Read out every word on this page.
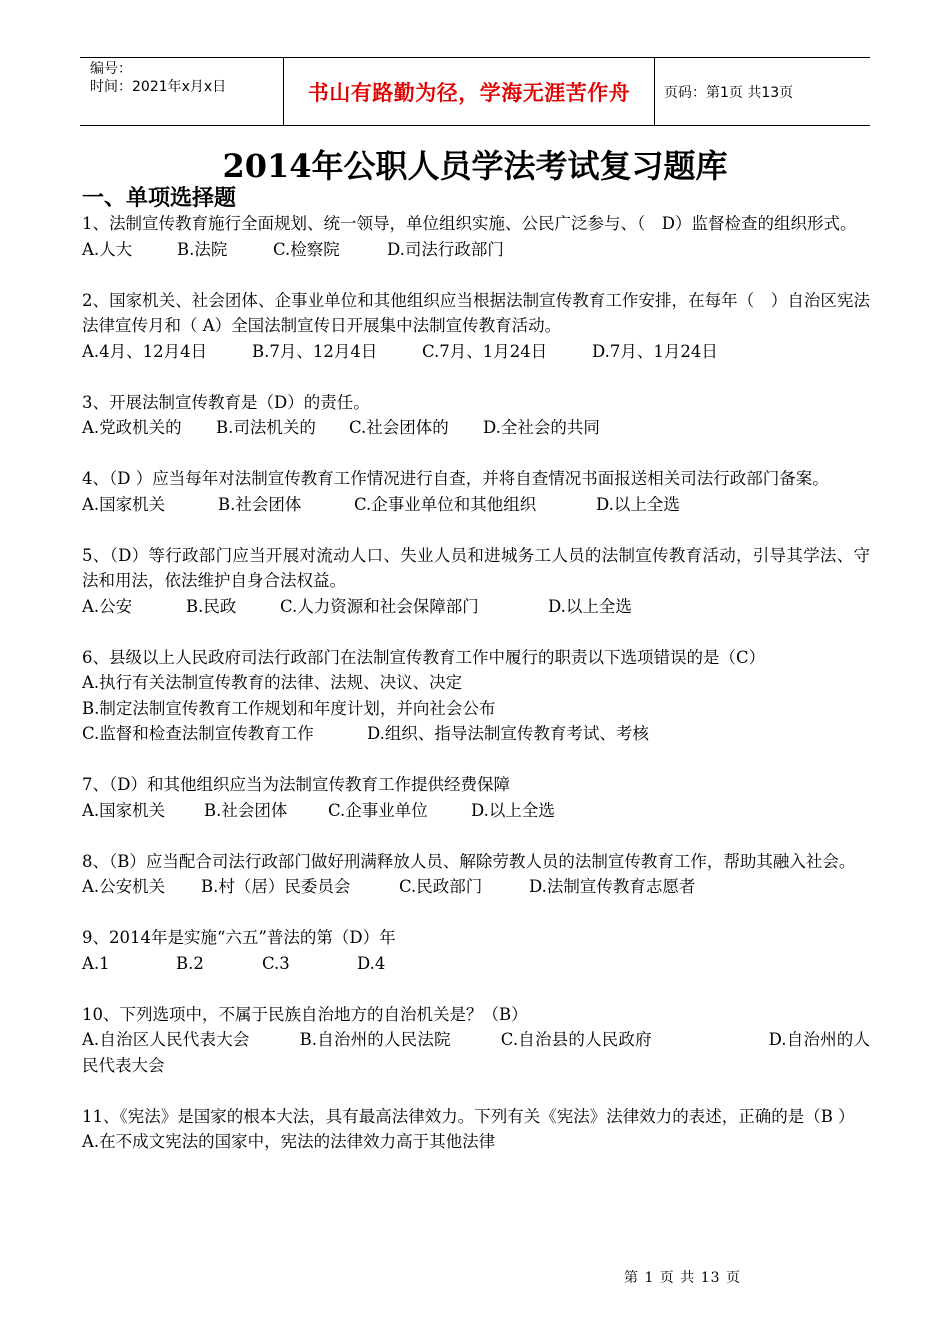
编号：
时间：2021年x月x日	书山有路勤为径，学海无涯苦作舟	页码：第1页 共13页
2014年公职人员学法考试复习题库
一、单项选择题

1、法制宣传教育施行全面规划、统一领导，单位组织实施、公民广泛参与、（　D）监督检查的组织形式。

A.人大	B.法院	C.检察院	D.司法行政部门

2、国家机关、社会团体、企事业单位和其他组织应当根据法制宣传教育工作安排，在每年（　）自治区宪法法律宣传月和（ A）全国法制宣传日开展集中法制宣传教育活动。

A.4月、12月4日	B.7月、12月4日	C.7月、1月24日	D.7月、1月24日

3、开展法制宣传教育是（D）的责任。

A.党政机关的	B.司法机关的	C.社会团体的	D.全社会的共同

4、（D ）应当每年对法制宣传教育工作情况进行自查，并将自查情况书面报送相关司法行政部门备案。

A.国家机关	B.社会团体	C.企事业单位和其他组织	D.以上全选

5、（D）等行政部门应当开展对流动人口、失业人员和进城务工人员的法制宣传教育活动，引导其学法、守法和用法，依法维护自身合法权益。

A.公安	B.民政	C.人力资源和社会保障部门	D.以上全选

6、县级以上人民政府司法行政部门在法制宣传教育工作中履行的职责以下选项错误的是（C）

A.执行有关法制宣传教育的法律、法规、决议、决定
B.制定法制宣传教育工作规划和年度计划，并向社会公布
C.监督和检查法制宣传教育工作	D.组织、指导法制宣传教育考试、考核

7、（D）和其他组织应当为法制宣传教育工作提供经费保障

A.国家机关	B.社会团体	C.企事业单位	D.以上全选

8、（B）应当配合司法行政部门做好刑满释放人员、解除劳教人员的法制宣传教育工作，帮助其融入社会。

A.公安机关	B.村（居）民委员会	C.民政部门	D.法制宣传教育志愿者

9、2014年是实施“六五”普法的第（D）年

A.1	B.2	C.3	D.4

10、下列选项中，不属于民族自治地方的自治机关是？（B）

A.自治区人民代表大会　　　B.自治州的人民法院　　　C.自治县的人民政府　　　　　　　D.自治州的人民代表大会

11、《宪法》是国家的根本大法，具有最高法律效力。下列有关《宪法》法律效力的表述，正确的是（B ）

A.在不成文宪法的国家中，宪法的法律效力高于其他法律
第 1 页 共 13 页
